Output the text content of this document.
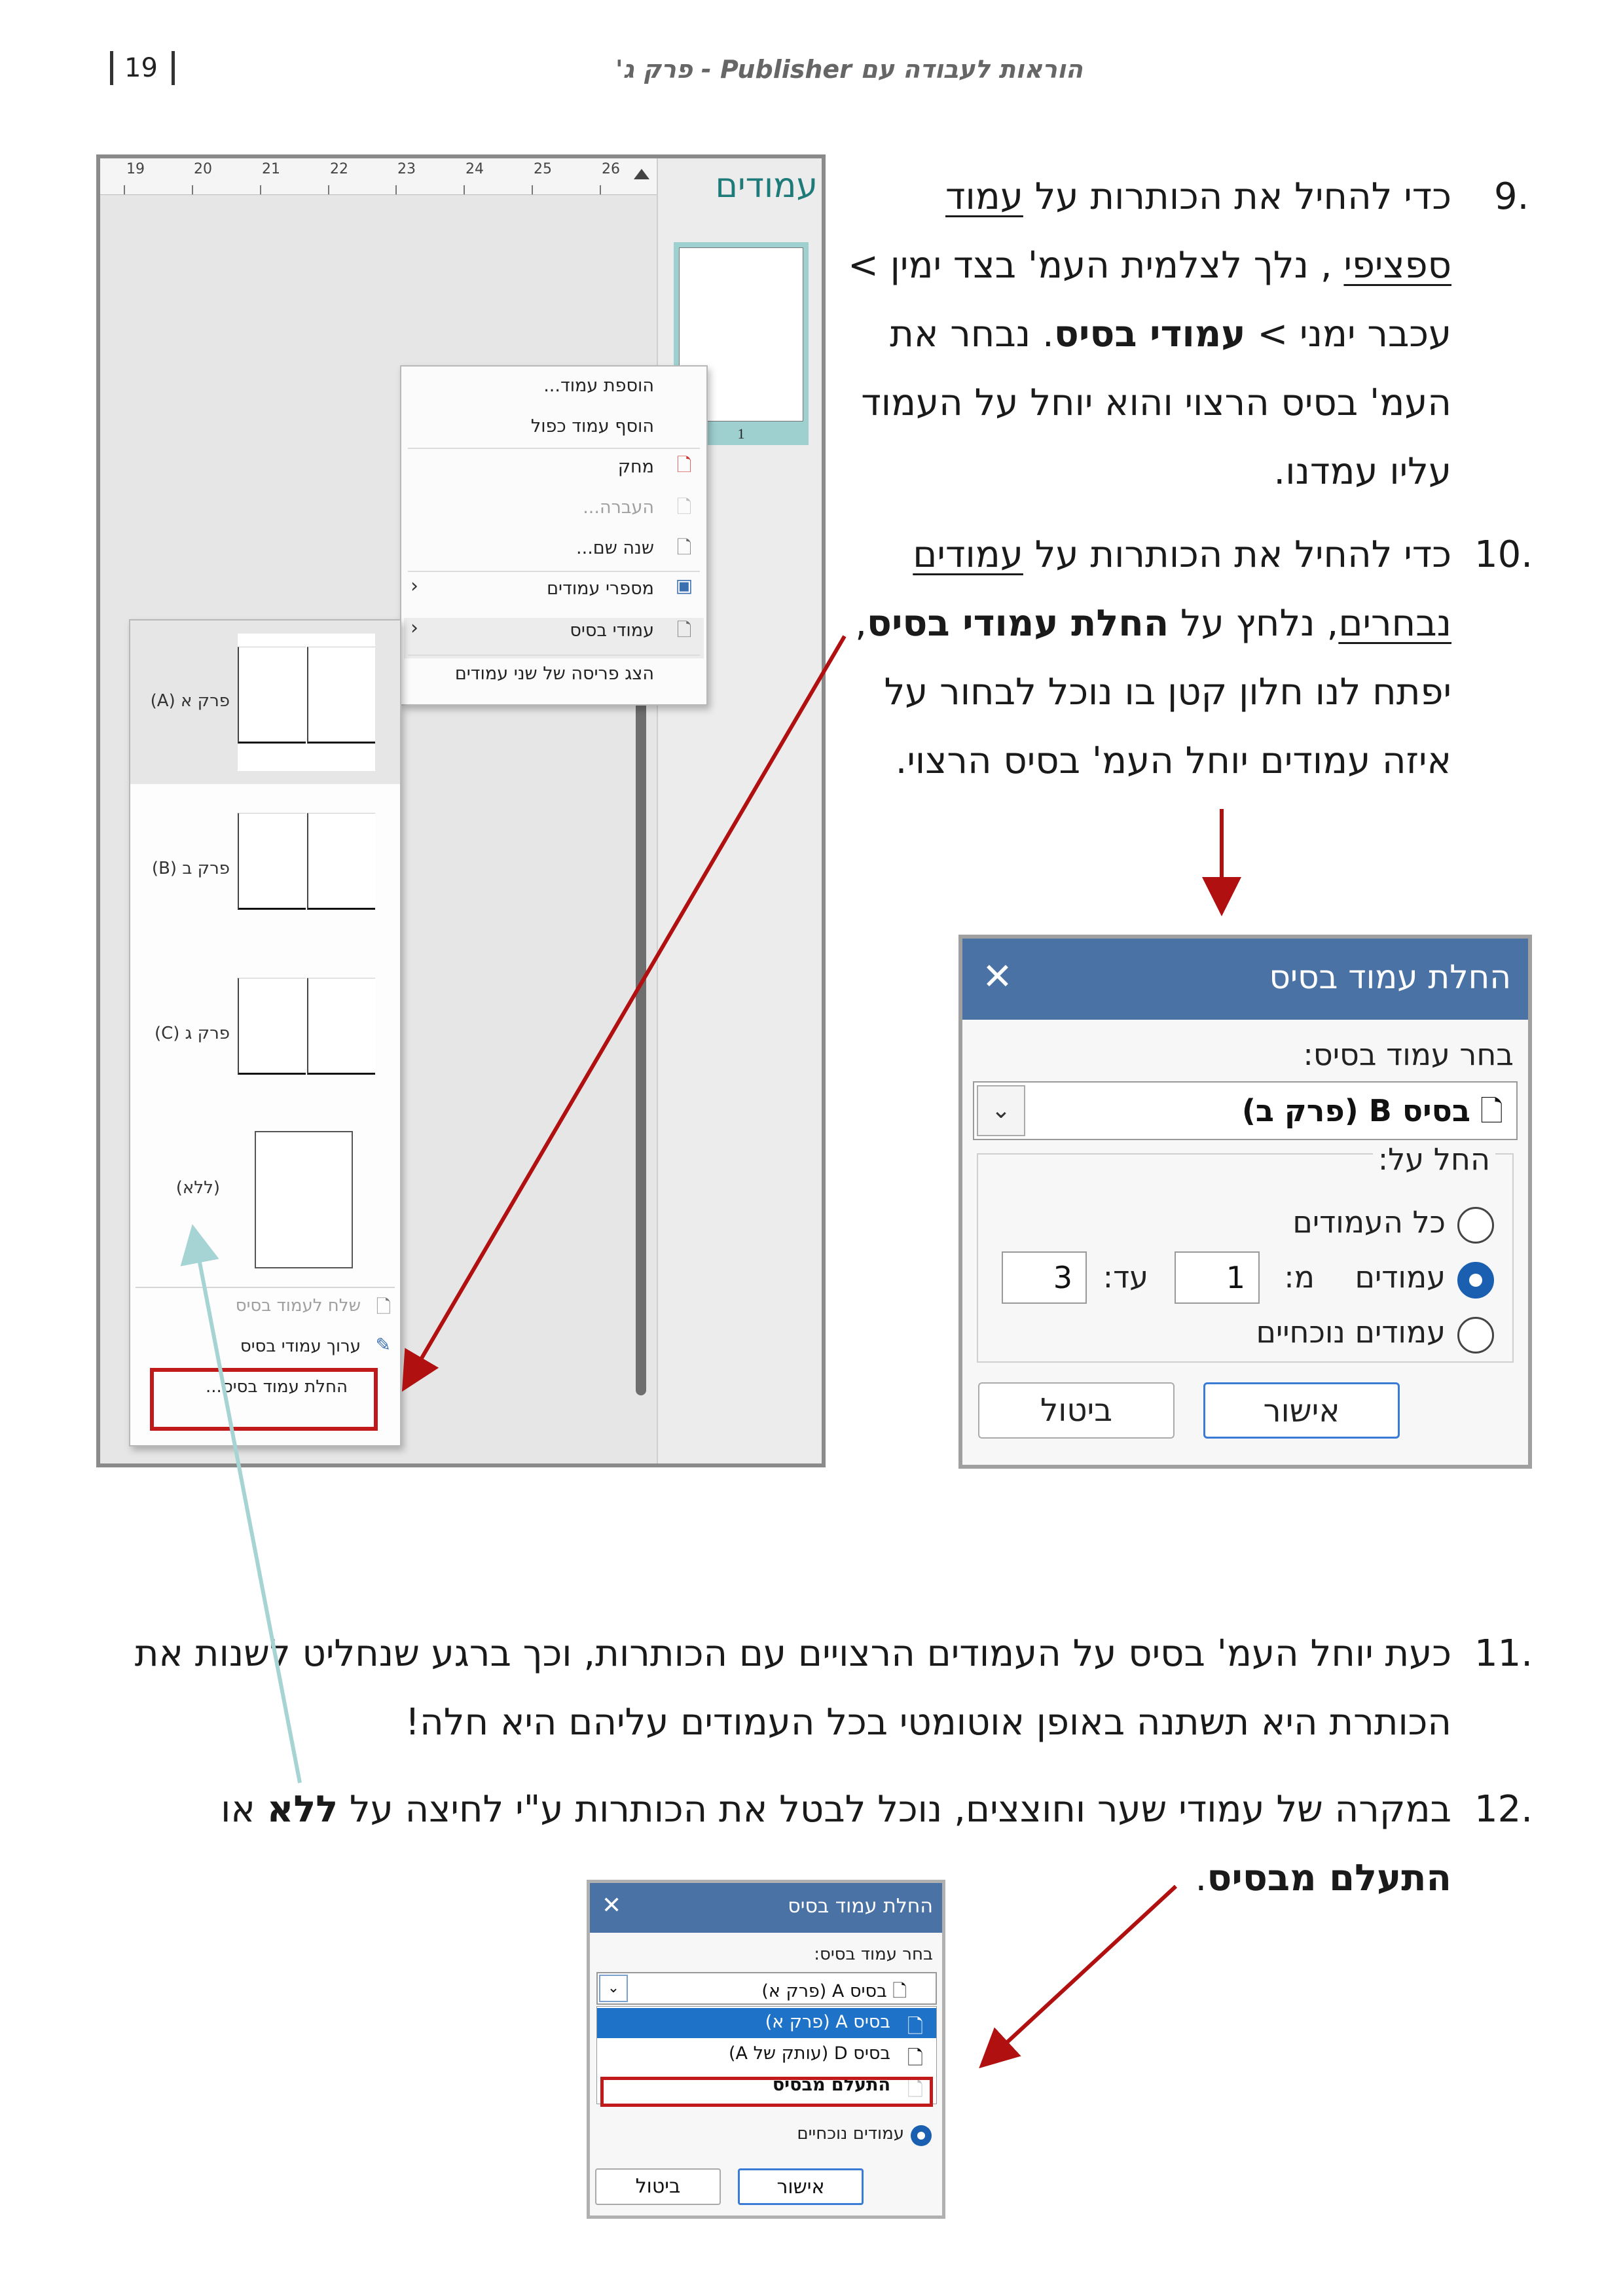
19	הוראות לעבודה עם Publisher - פרק ג'
9.
כדי להחיל את הכותרות על עמוד
ספציפי , נלך לצלמית העמ' בצד ימין >
עכבר ימני > עמודי בסיס. נבחר את
העמ' בסיס הרצוי והוא יוחל על העמוד
עליו עמדנו.
10.
כדי להחיל את הכותרות על עמודים
נבחרים, נלחץ על החלת עמודי בסיס,
יפתח לנו חלון קטן בו נוכל לבחור על
איזה עמודים יוחל העמ' בסיס הרצוי.
11.
כעת יוחל העמ' בסיס על העמודים הרצויים עם הכותרות, וכך ברגע שנחליט לשנות את
הכותרת היא תשתנה באופן אוטומטי בכל העמודים עליהם היא חלה!
12.
במקרה של עמודי שער וחוצצים, נוכל לבטל את הכותרות ע"י לחיצה על ללא או
התעלם מבסיס.
19	20	21	22	23	24	25	26	עמודים
1
הוספת עמוד...
הוסף עמוד כפול
🗋
מחק
🗋
העברה...
🗋
שנה שם...
▣
מספרי עמודים
‹
🗋
עמודי בסיס
‹
הצג פריסה של שני עמודים
פרק א (A)
פרק ב (B)
פרק ג (C)
(ללא)
🗋
שלח לעמוד בסיס
✎
ערוך עמודי בסיס
החלת עמוד בסיס...
החלת עמוד בסיס
✕
בחר עמוד בסיס:
🗋 בסיס B (פרק ב)
⌄
החל על:
כל העמודים
עמודים
מ:
1
עד:
3
עמודים נוכחיים
אישור
ביטול
החלת עמוד בסיס
✕
בחר עמוד בסיס:
🗋 בסיס A (פרק א)
⌄
🗋
בסיס A (פרק א)
🗋
בסיס D (עותק של A)
🗋
התעלם מבסיס
עמודים נוכחיים
אישור
ביטול
